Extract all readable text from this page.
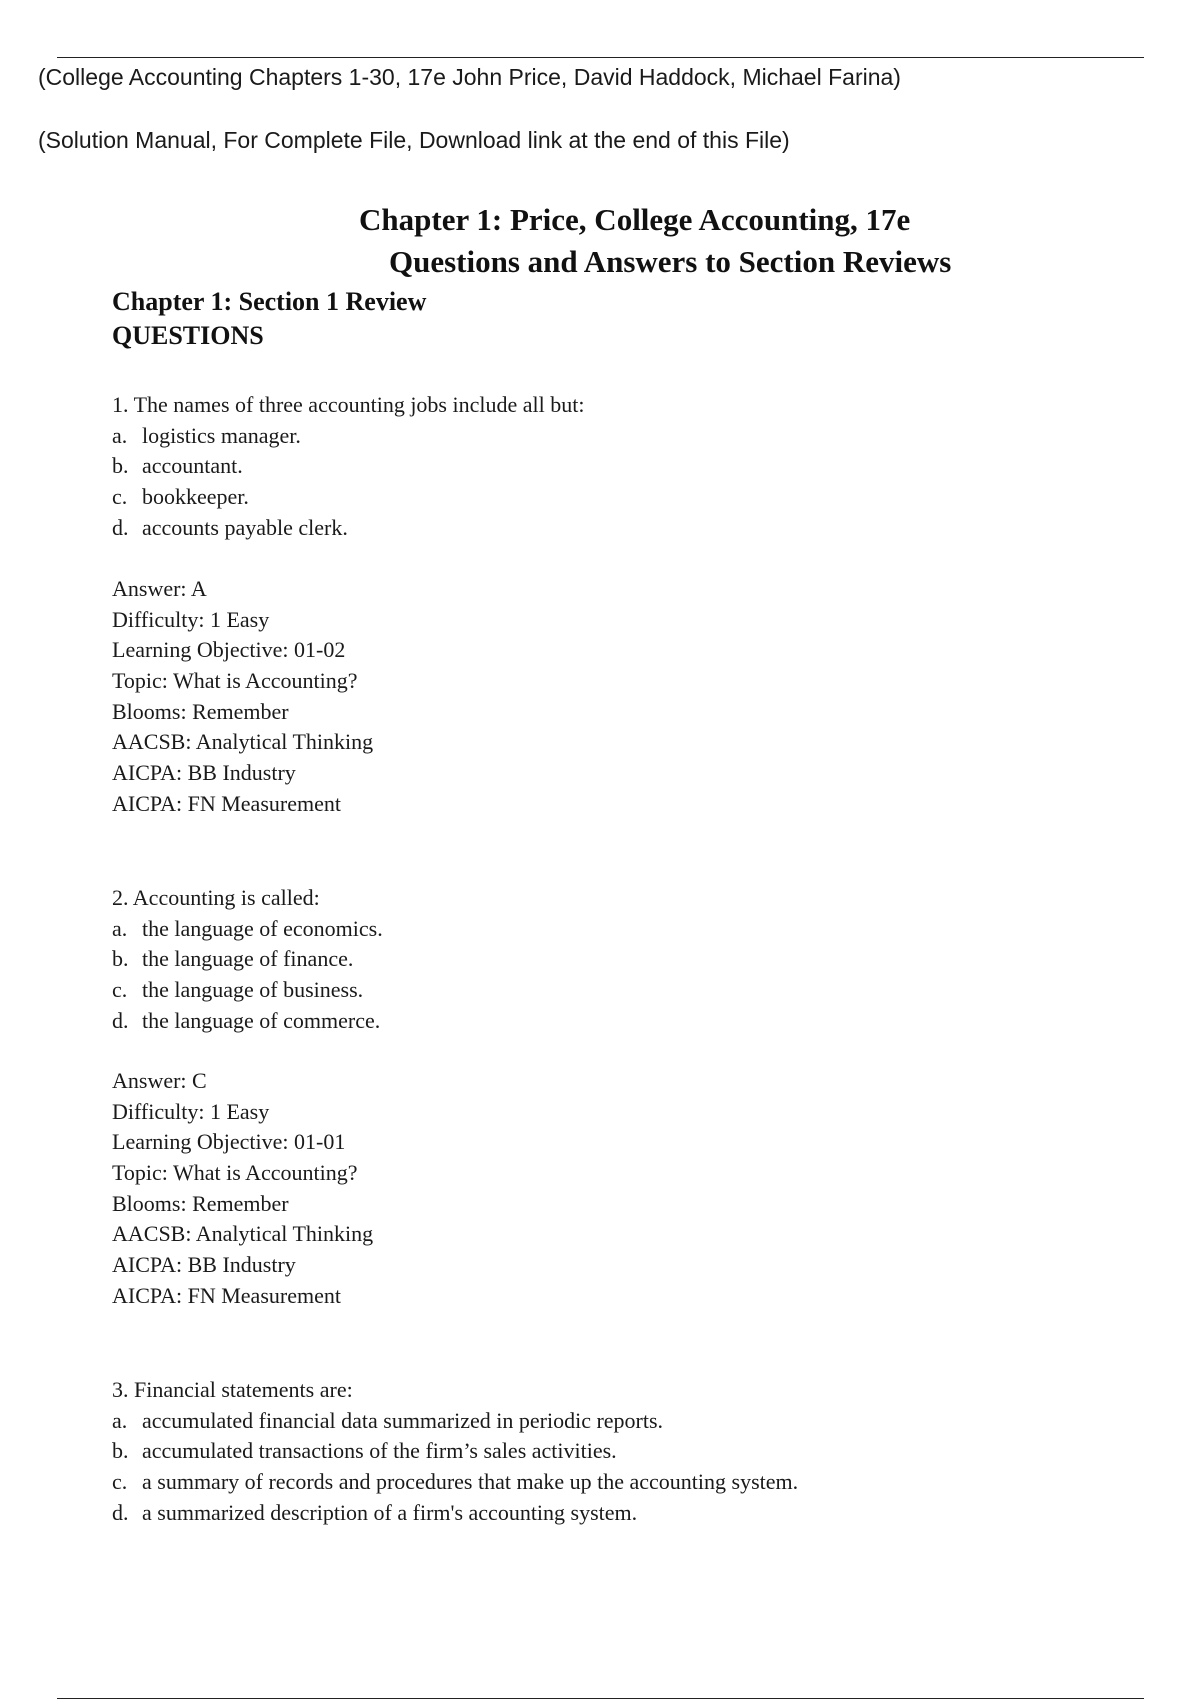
(College Accounting Chapters 1-30, 17e John Price, David Haddock, Michael Farina)
(Solution Manual, For Complete File, Download link at the end of this File)
Chapter 1: Price, College Accounting, 17e
Questions and Answers to Section Reviews
Chapter 1: Section 1 Review
QUESTIONS
1. The names of three accounting jobs include all but:
a. logistics manager.
b. accountant.
c. bookkeeper.
d. accounts payable clerk.
Answer: A
Difficulty: 1 Easy
Learning Objective: 01-02
Topic: What is Accounting?
Blooms: Remember
AACSB: Analytical Thinking
AICPA: BB Industry
AICPA: FN Measurement
2. Accounting is called:
a. the language of economics.
b. the language of finance.
c. the language of business.
d. the language of commerce.
Answer: C
Difficulty: 1 Easy
Learning Objective: 01-01
Topic: What is Accounting?
Blooms: Remember
AACSB: Analytical Thinking
AICPA: BB Industry
AICPA: FN Measurement
3. Financial statements are:
a. accumulated financial data summarized in periodic reports.
b. accumulated transactions of the firm’s sales activities.
c. a summary of records and procedures that make up the accounting system.
d. a summarized description of a firm's accounting system.
